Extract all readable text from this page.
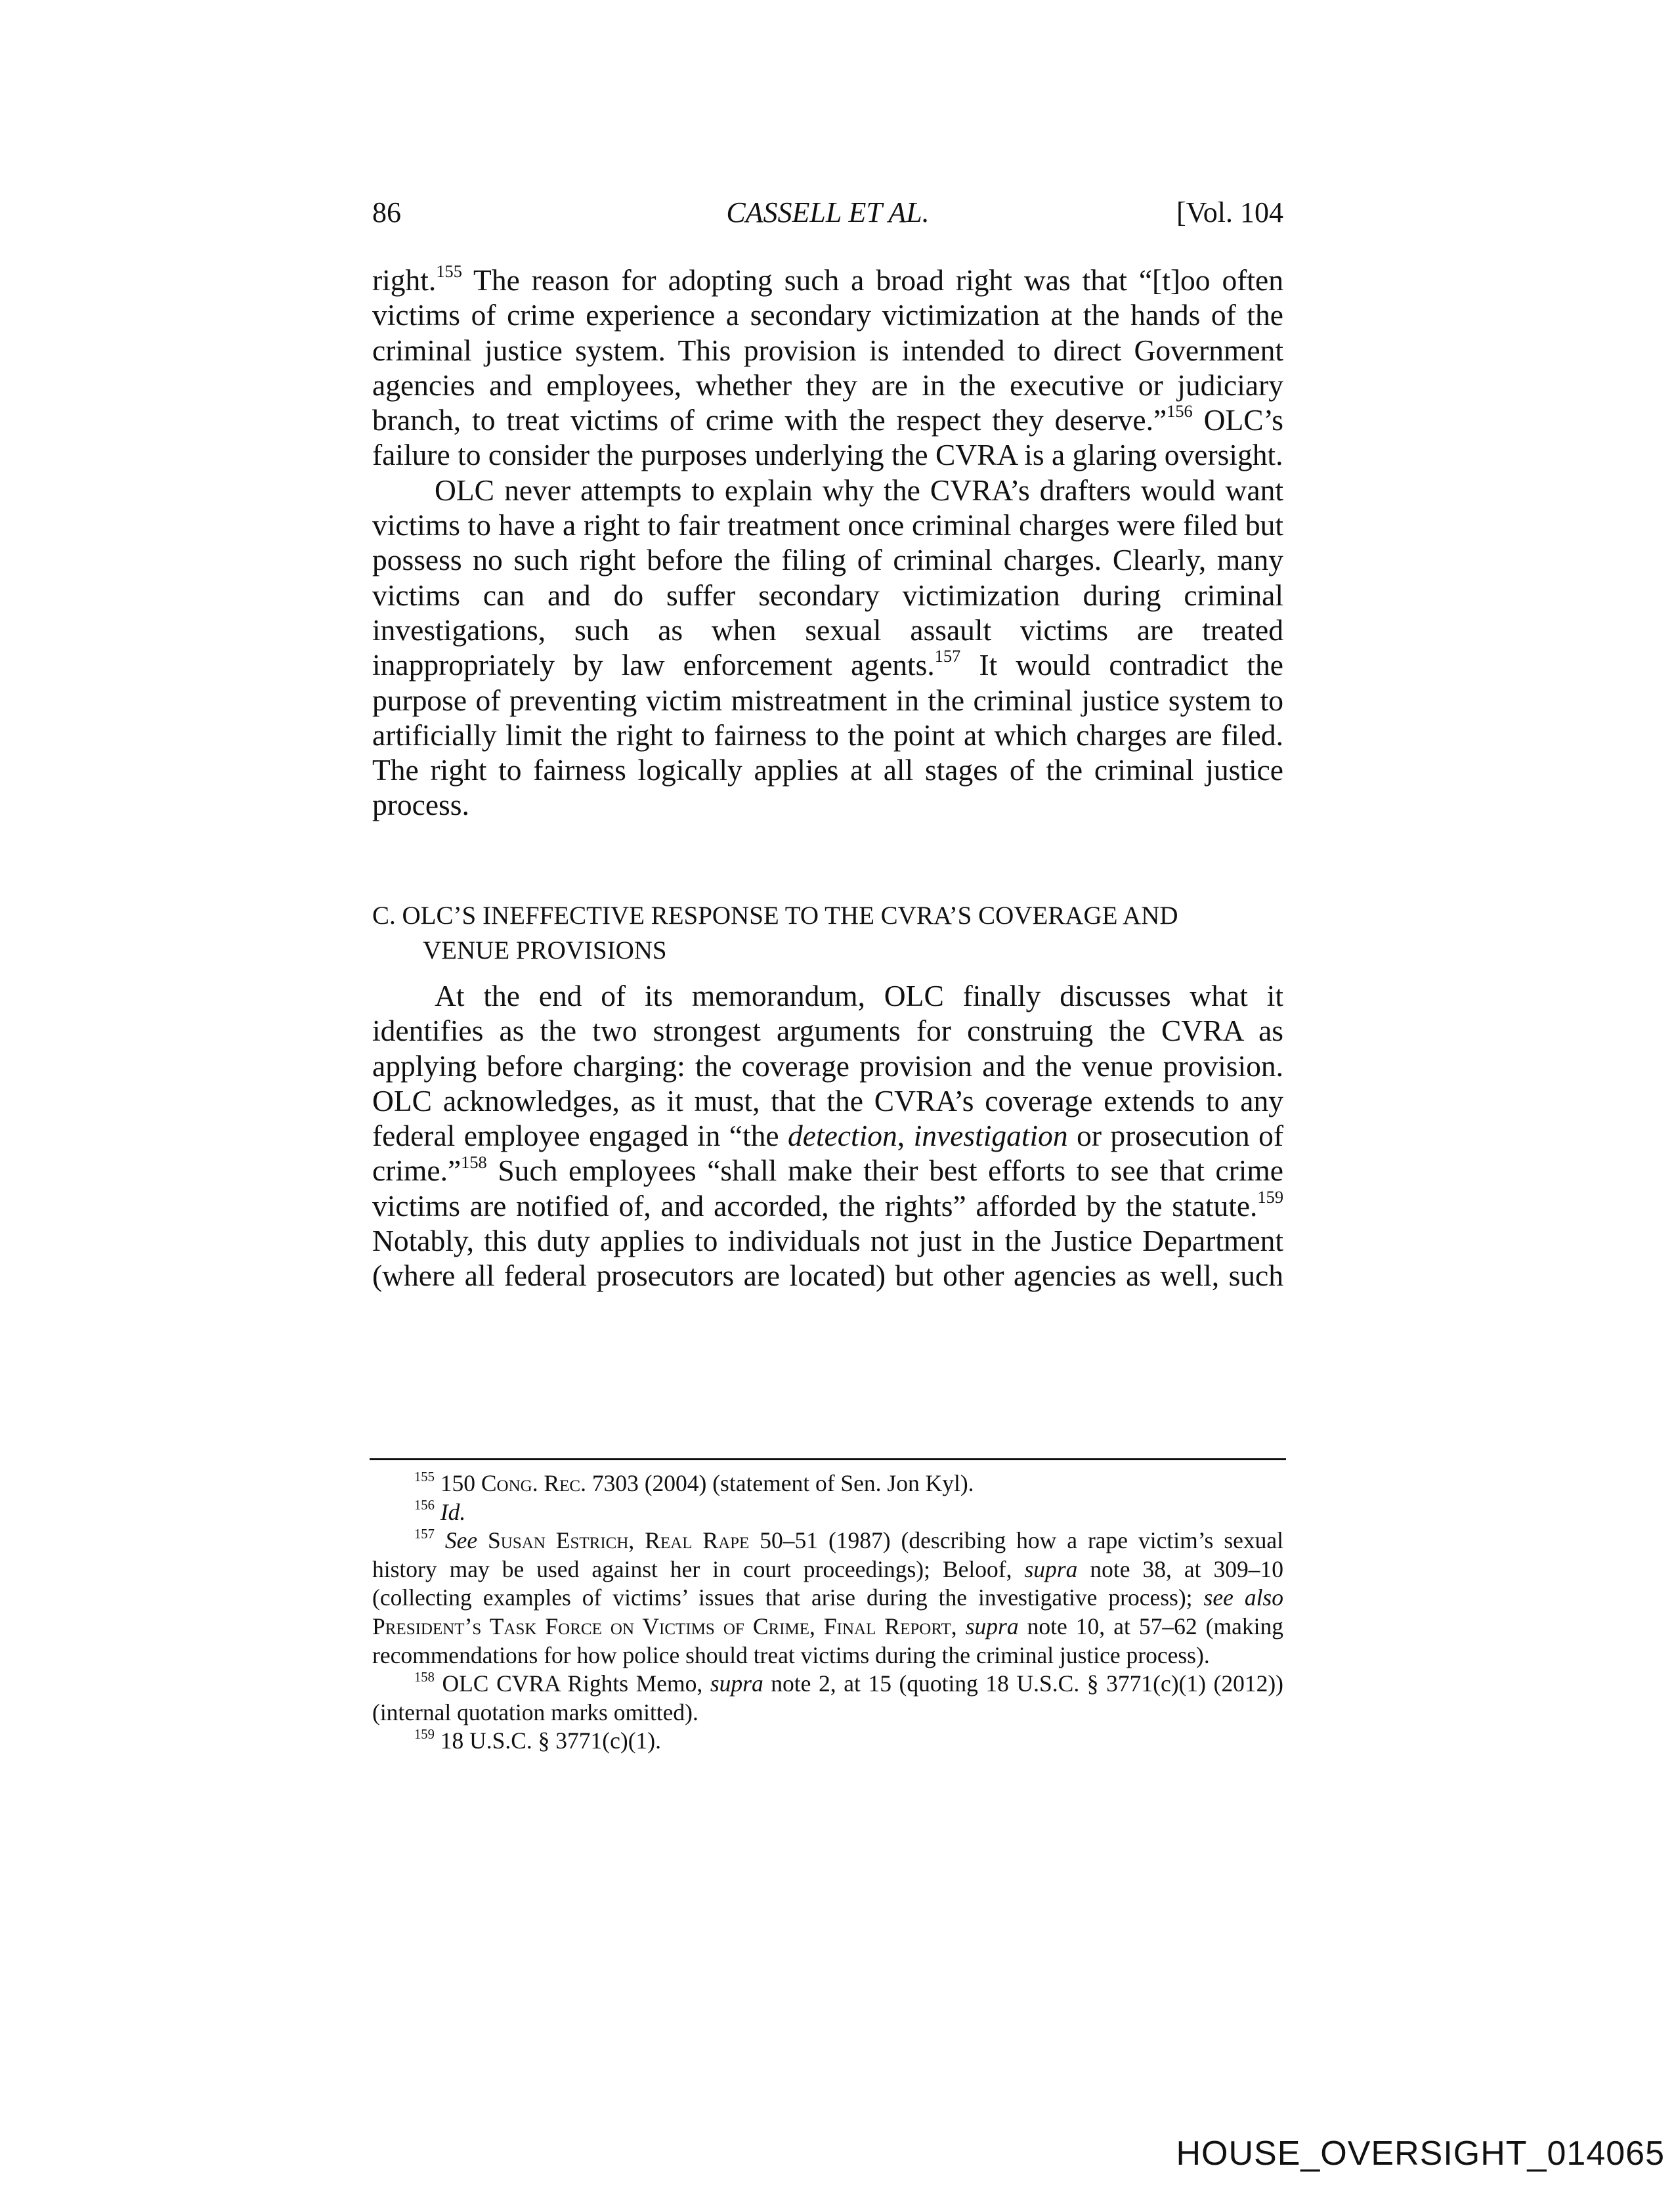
CASSELL ET AL.
86	[Vol. 104

right.$^{155}$ The reason for adopting such a broad right was that “[t]oo often victims of crime experience a secondary victimization at the hands of the criminal justice system. This provision is intended to direct Government agencies and employees, whether they are in the executive or judiciary branch, to treat victims of crime with the respect they deserve.”$^{156}$ OLC’s failure to consider the purposes underlying the CVRA is a glaring oversight.

OLC never attempts to explain why the CVRA’s drafters would want victims to have a right to fair treatment once criminal charges were filed but possess no such right before the filing of criminal charges. Clearly, many victims can and do suffer secondary victimization during criminal investigations, such as when sexual assault victims are treated inappropriately by law enforcement agents.$^{157}$ It would contradict the purpose of preventing victim mistreatment in the criminal justice system to artificially limit the right to fairness to the point at which charges are filed. The right to fairness logically applies at all stages of the criminal justice process.

C. OLC’S INEFFECTIVE RESPONSE TO THE CVRA’S COVERAGE AND
VENUE PROVISIONS

At the end of its memorandum, OLC finally discusses what it identifies as the two strongest arguments for construing the CVRA as applying before charging: the coverage provision and the venue provision. OLC acknowledges, as it must, that the CVRA’s coverage extends to any federal employee engaged in “the detection, investigation or prosecution of crime.”$^{158}$ Such employees “shall make their best efforts to see that crime victims are notified of, and accorded, the rights” afforded by the statute.$^{159}$ Notably, this duty applies to individuals not just in the Justice Department (where all federal prosecutors are located) but other agencies as well, such

$^{155}$ 150 Cong. Rec. 7303 (2004) (statement of Sen. Jon Kyl).

$^{156}$ Id.

$^{157}$ See Susan Estrich, Real Rape 50–51 (1987) (describing how a rape victim’s sexual history may be used against her in court proceedings); Beloof, supra note 38, at 309–10 (collecting examples of victims’ issues that arise during the investigative process); see also President’s Task Force on Victims of Crime, Final Report, supra note 10, at 57–62 (making recommendations for how police should treat victims during the criminal justice process).

$^{158}$ OLC CVRA Rights Memo, supra note 2, at 15 (quoting 18 U.S.C. § 3771(c)(1) (2012)) (internal quotation marks omitted).

$^{159}$ 18 U.S.C. § 3771(c)(1).

HOUSE_OVERSIGHT_014065
